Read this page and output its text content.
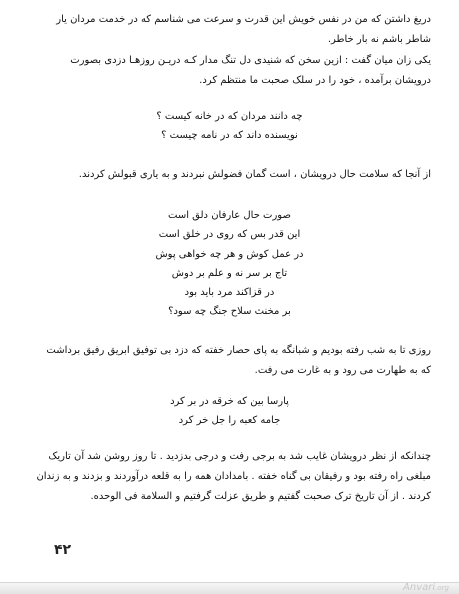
دریغ داشتن که من در نفس خویش این قدرت و سرعت می شناسم که در خدمت مردان یار
شاطر باشم نه بار خاطر.
یکی زان میان گفت : ازین سخن که شنیدی دل تنگ مدار کـه دریـن روزهـا دزدی بصورت
درویشان برآمده ، خود را در سلک صحبت ما منتظم کرد.
چه دانند مردان که در خانه کیست ؟
نویسنده داند که در نامه چیست ؟
از آنجا که سلامت حال درویشان ، است گمان فضولش نبردند و به یاری قبولش کردند.
صورت حال عارفان دلق است
این قدر بس که روی در خلق است
در عمل کوش و هر چه خواهی پوش
تاج بر سر نه و علم بر دوش
در قزاکند مرد باید بود
بر مخنث سلاح جنگ چه سود؟
روزی تا به شب رفته بودیم و شبانگه به پای حصار خفته که دزد بی توفیق ابریق رفیق برداشت
که به طهارت می رود و به غارت می رفت.
پارسا بین که خرقه در بر کرد
جامه کعبه را جل خر کرد
چندانکه از نظر درویشان غایب شد به برجی رفت و درجی بدزدید . تا روز روشن شد آن تاریک
مبلغی راه رفته بود و رفیقان بی گناه خفته . بامدادان همه را به قلعه درآوردند و بزدند و به زندان
کردند . از آن تاریخ ترک صحبت گفتیم و طریق عزلت گرفتیم و السلامة فی الوحده.
۴۲
Anvari.org
